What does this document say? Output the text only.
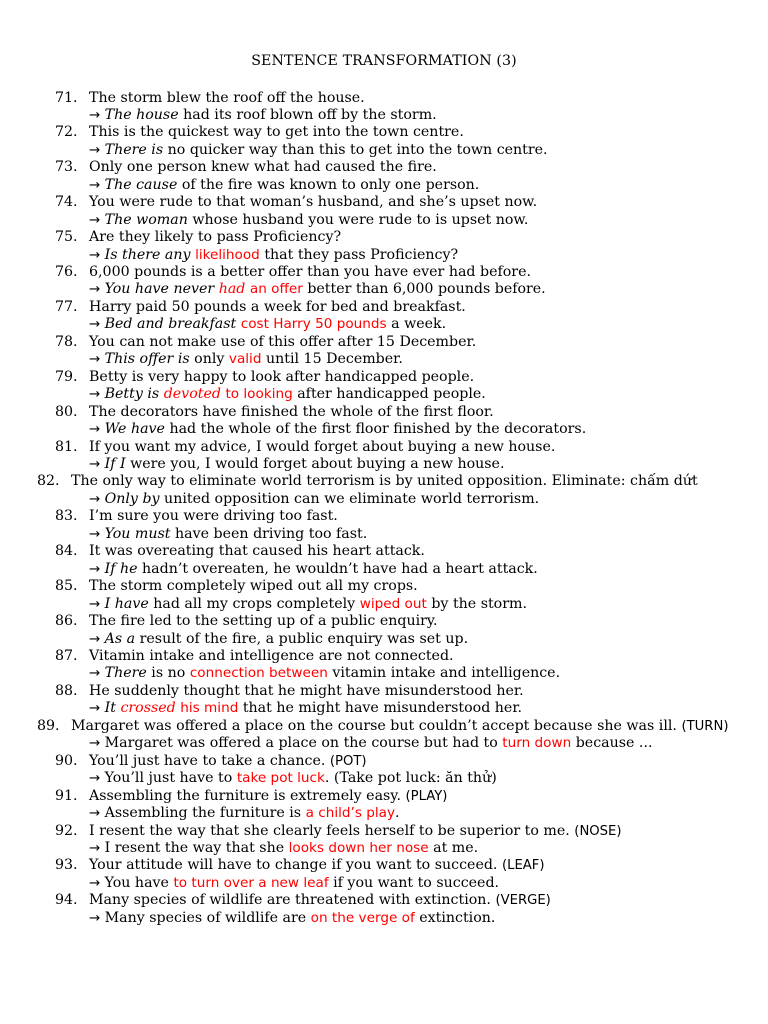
SENTENCE TRANSFORMATION (3)
71. The storm blew the roof off the house.
→ The house had its roof blown off by the storm.
72. This is the quickest way to get into the town centre.
→ There is no quicker way than this to get into the town centre.
73. Only one person knew what had caused the fire.
→ The cause of the fire was known to only one person.
74. You were rude to that woman’s husband, and she’s upset now.
→ The woman whose husband you were rude to is upset now.
75. Are they likely to pass Proficiency?
→ Is there any likelihood that they pass Proficiency?
76. 6,000 pounds is a better offer than you have ever had before.
→ You have never had an offer better than 6,000 pounds before.
77. Harry paid 50 pounds a week for bed and breakfast.
→ Bed and breakfast cost Harry 50 pounds a week.
78. You can not make use of this offer after 15 December.
→ This offer is only valid until 15 December.
79. Betty is very happy to look after handicapped people.
→ Betty is devoted to looking after handicapped people.
80. The decorators have finished the whole of the first floor.
→ We have had the whole of the first floor finished by the decorators.
81. If you want my advice, I would forget about buying a new house.
→ If I were you, I would forget about buying a new house.
82. The only way to eliminate world terrorism is by united opposition. Eliminate: chấm dứt
→ Only by united opposition can we eliminate world terrorism.
83. I’m sure you were driving too fast.
→ You must have been driving too fast.
84. It was overeating that caused his heart attack.
→ If he hadn’t overeaten, he wouldn’t have had a heart attack.
85. The storm completely wiped out all my crops.
→ I have had all my crops completely wiped out by the storm.
86. The fire led to the setting up of a public enquiry.
→ As a result of the fire, a public enquiry was set up.
87. Vitamin intake and intelligence are not connected.
→ There is no connection between vitamin intake and intelligence.
88. He suddenly thought that he might have misunderstood her.
→ It crossed his mind that he might have misunderstood her.
89. Margaret was offered a place on the course but couldn’t accept because she was ill. (TURN)
→ Margaret was offered a place on the course but had to turn down because ...
90. You’ll just have to take a chance. (POT)
→ You’ll just have to take pot luck. (Take pot luck: ăn thử)
91. Assembling the furniture is extremely easy. (PLAY)
→ Assembling the furniture is a child’s play.
92. I resent the way that she clearly feels herself to be superior to me. (NOSE)
→ I resent the way that she looks down her nose at me.
93. Your attitude will have to change if you want to succeed. (LEAF)
→ You have to turn over a new leaf if you want to succeed.
94. Many species of wildlife are threatened with extinction. (VERGE)
→ Many species of wildlife are on the verge of extinction.
